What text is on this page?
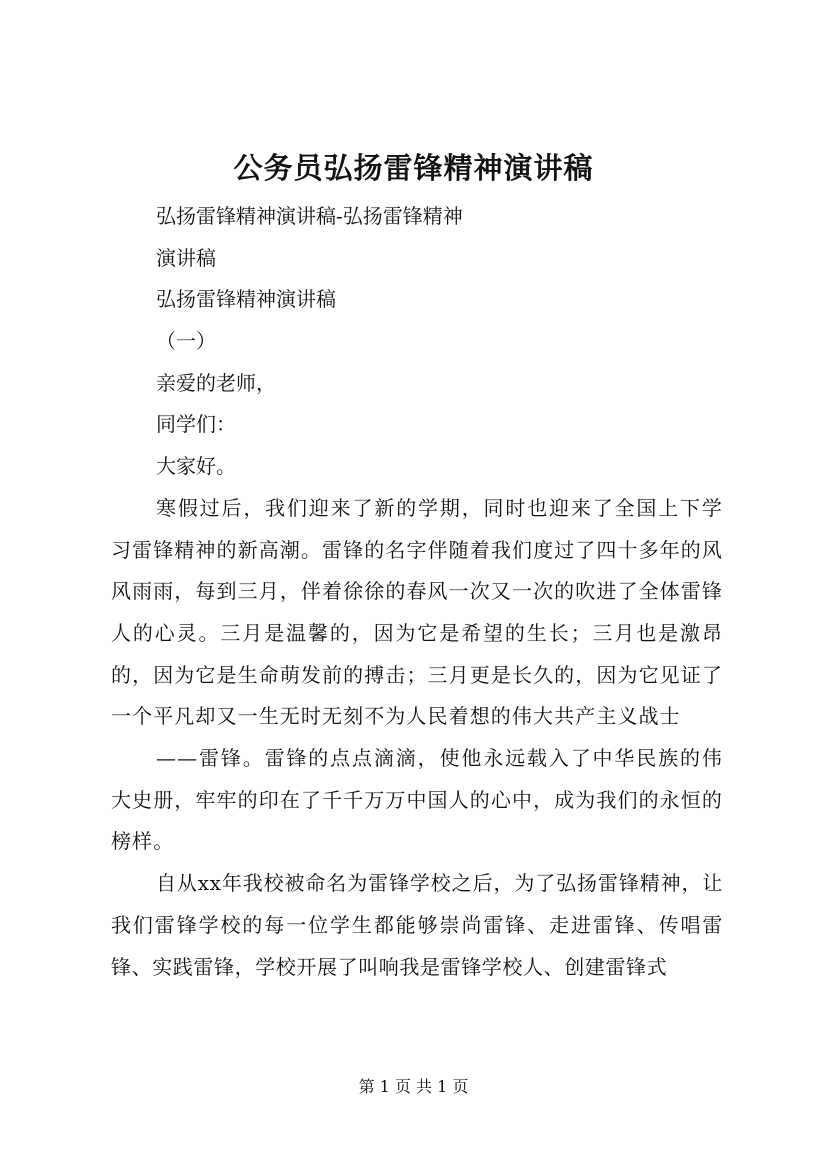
公务员弘扬雷锋精神演讲稿
弘扬雷锋精神演讲稿-弘扬雷锋精神
演讲稿
弘扬雷锋精神演讲稿
（一）
亲爱的老师，
同学们：
大家好。
寒假过后，我们迎来了新的学期，同时也迎来了全国上下学习雷锋精神的新高潮。雷锋的名字伴随着我们度过了四十多年的风风雨雨，每到三月，伴着徐徐的春风一次又一次的吹进了全体雷锋人的心灵。三月是温馨的，因为它是希望的生长；三月也是激昂的，因为它是生命萌发前的搏击；三月更是长久的，因为它见证了一个平凡却又一生无时无刻不为人民着想的伟大共产主义战士
——雷锋。雷锋的点点滴滴，使他永远载入了中华民族的伟大史册，牢牢的印在了千千万万中国人的心中，成为我们的永恒的榜样。
自从xx年我校被命名为雷锋学校之后，为了弘扬雷锋精神，让我们雷锋学校的每一位学生都能够崇尚雷锋、走进雷锋、传唱雷锋、实践雷锋，学校开展了叫响我是雷锋学校人、创建雷锋式
第 1 页 共 1 页
